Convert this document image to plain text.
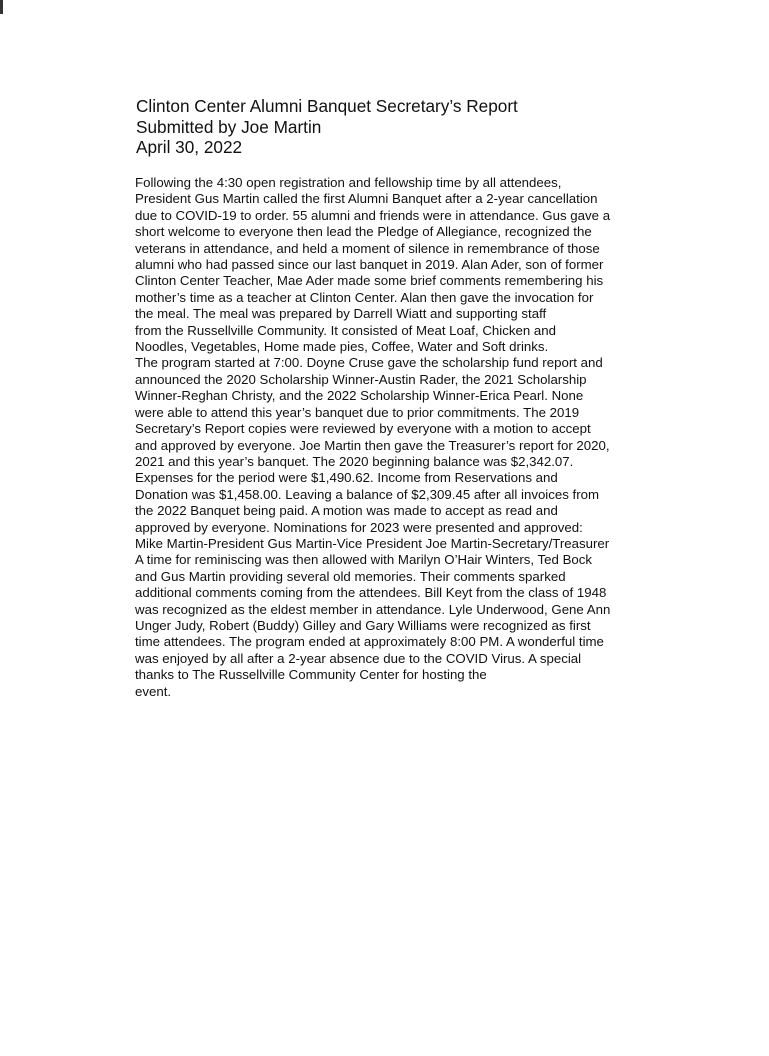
Clinton Center Alumni Banquet Secretary’s Report
Submitted by Joe Martin
April 30, 2022
Following the 4:30 open registration and fellowship time by all attendees,
President Gus Martin called the first Alumni Banquet after a 2-year cancellation
due to COVID-19 to order. 55 alumni and friends were in attendance. Gus gave a
short welcome to everyone then lead the Pledge of Allegiance, recognized the
veterans in attendance, and held a moment of silence in remembrance of those
alumni who had passed since our last banquet in 2019. Alan Ader, son of former
Clinton Center Teacher, Mae Ader made some brief comments remembering his
mother’s time as a teacher at Clinton Center. Alan then gave the invocation for
the meal. The meal was prepared by Darrell Wiatt and supporting staff
from the Russellville Community. It consisted of Meat Loaf, Chicken and
Noodles, Vegetables, Home made pies, Coffee, Water and Soft drinks.
The program started at 7:00. Doyne Cruse gave the scholarship fund report and
announced the 2020 Scholarship Winner-Austin Rader, the 2021 Scholarship
Winner-Reghan Christy, and the 2022 Scholarship Winner-Erica Pearl. None
were able to attend this year’s banquet due to prior commitments. The 2019
Secretary’s Report copies were reviewed by everyone with a motion to accept
and approved by everyone. Joe Martin then gave the Treasurer’s report for 2020,
2021 and this year’s banquet. The 2020 beginning balance was $2,342.07.
Expenses for the period were $1,490.62. Income from Reservations and
Donation was $1,458.00. Leaving a balance of $2,309.45 after all invoices from
the 2022 Banquet being paid. A motion was made to accept as read and
approved by everyone. Nominations for 2023 were presented and approved:
Mike Martin-President Gus Martin-Vice President Joe Martin-Secretary/Treasurer
A time for reminiscing was then allowed with Marilyn O’Hair Winters, Ted Bock
and Gus Martin providing several old memories. Their comments sparked
additional comments coming from the attendees. Bill Keyt from the class of 1948
was recognized as the eldest member in attendance. Lyle Underwood, Gene Ann
Unger Judy, Robert (Buddy) Gilley and Gary Williams were recognized as first
time attendees. The program ended at approximately 8:00 PM. A wonderful time
was enjoyed by all after a 2-year absence due to the COVID Virus. A special
thanks to The Russellville Community Center for hosting the
event.
